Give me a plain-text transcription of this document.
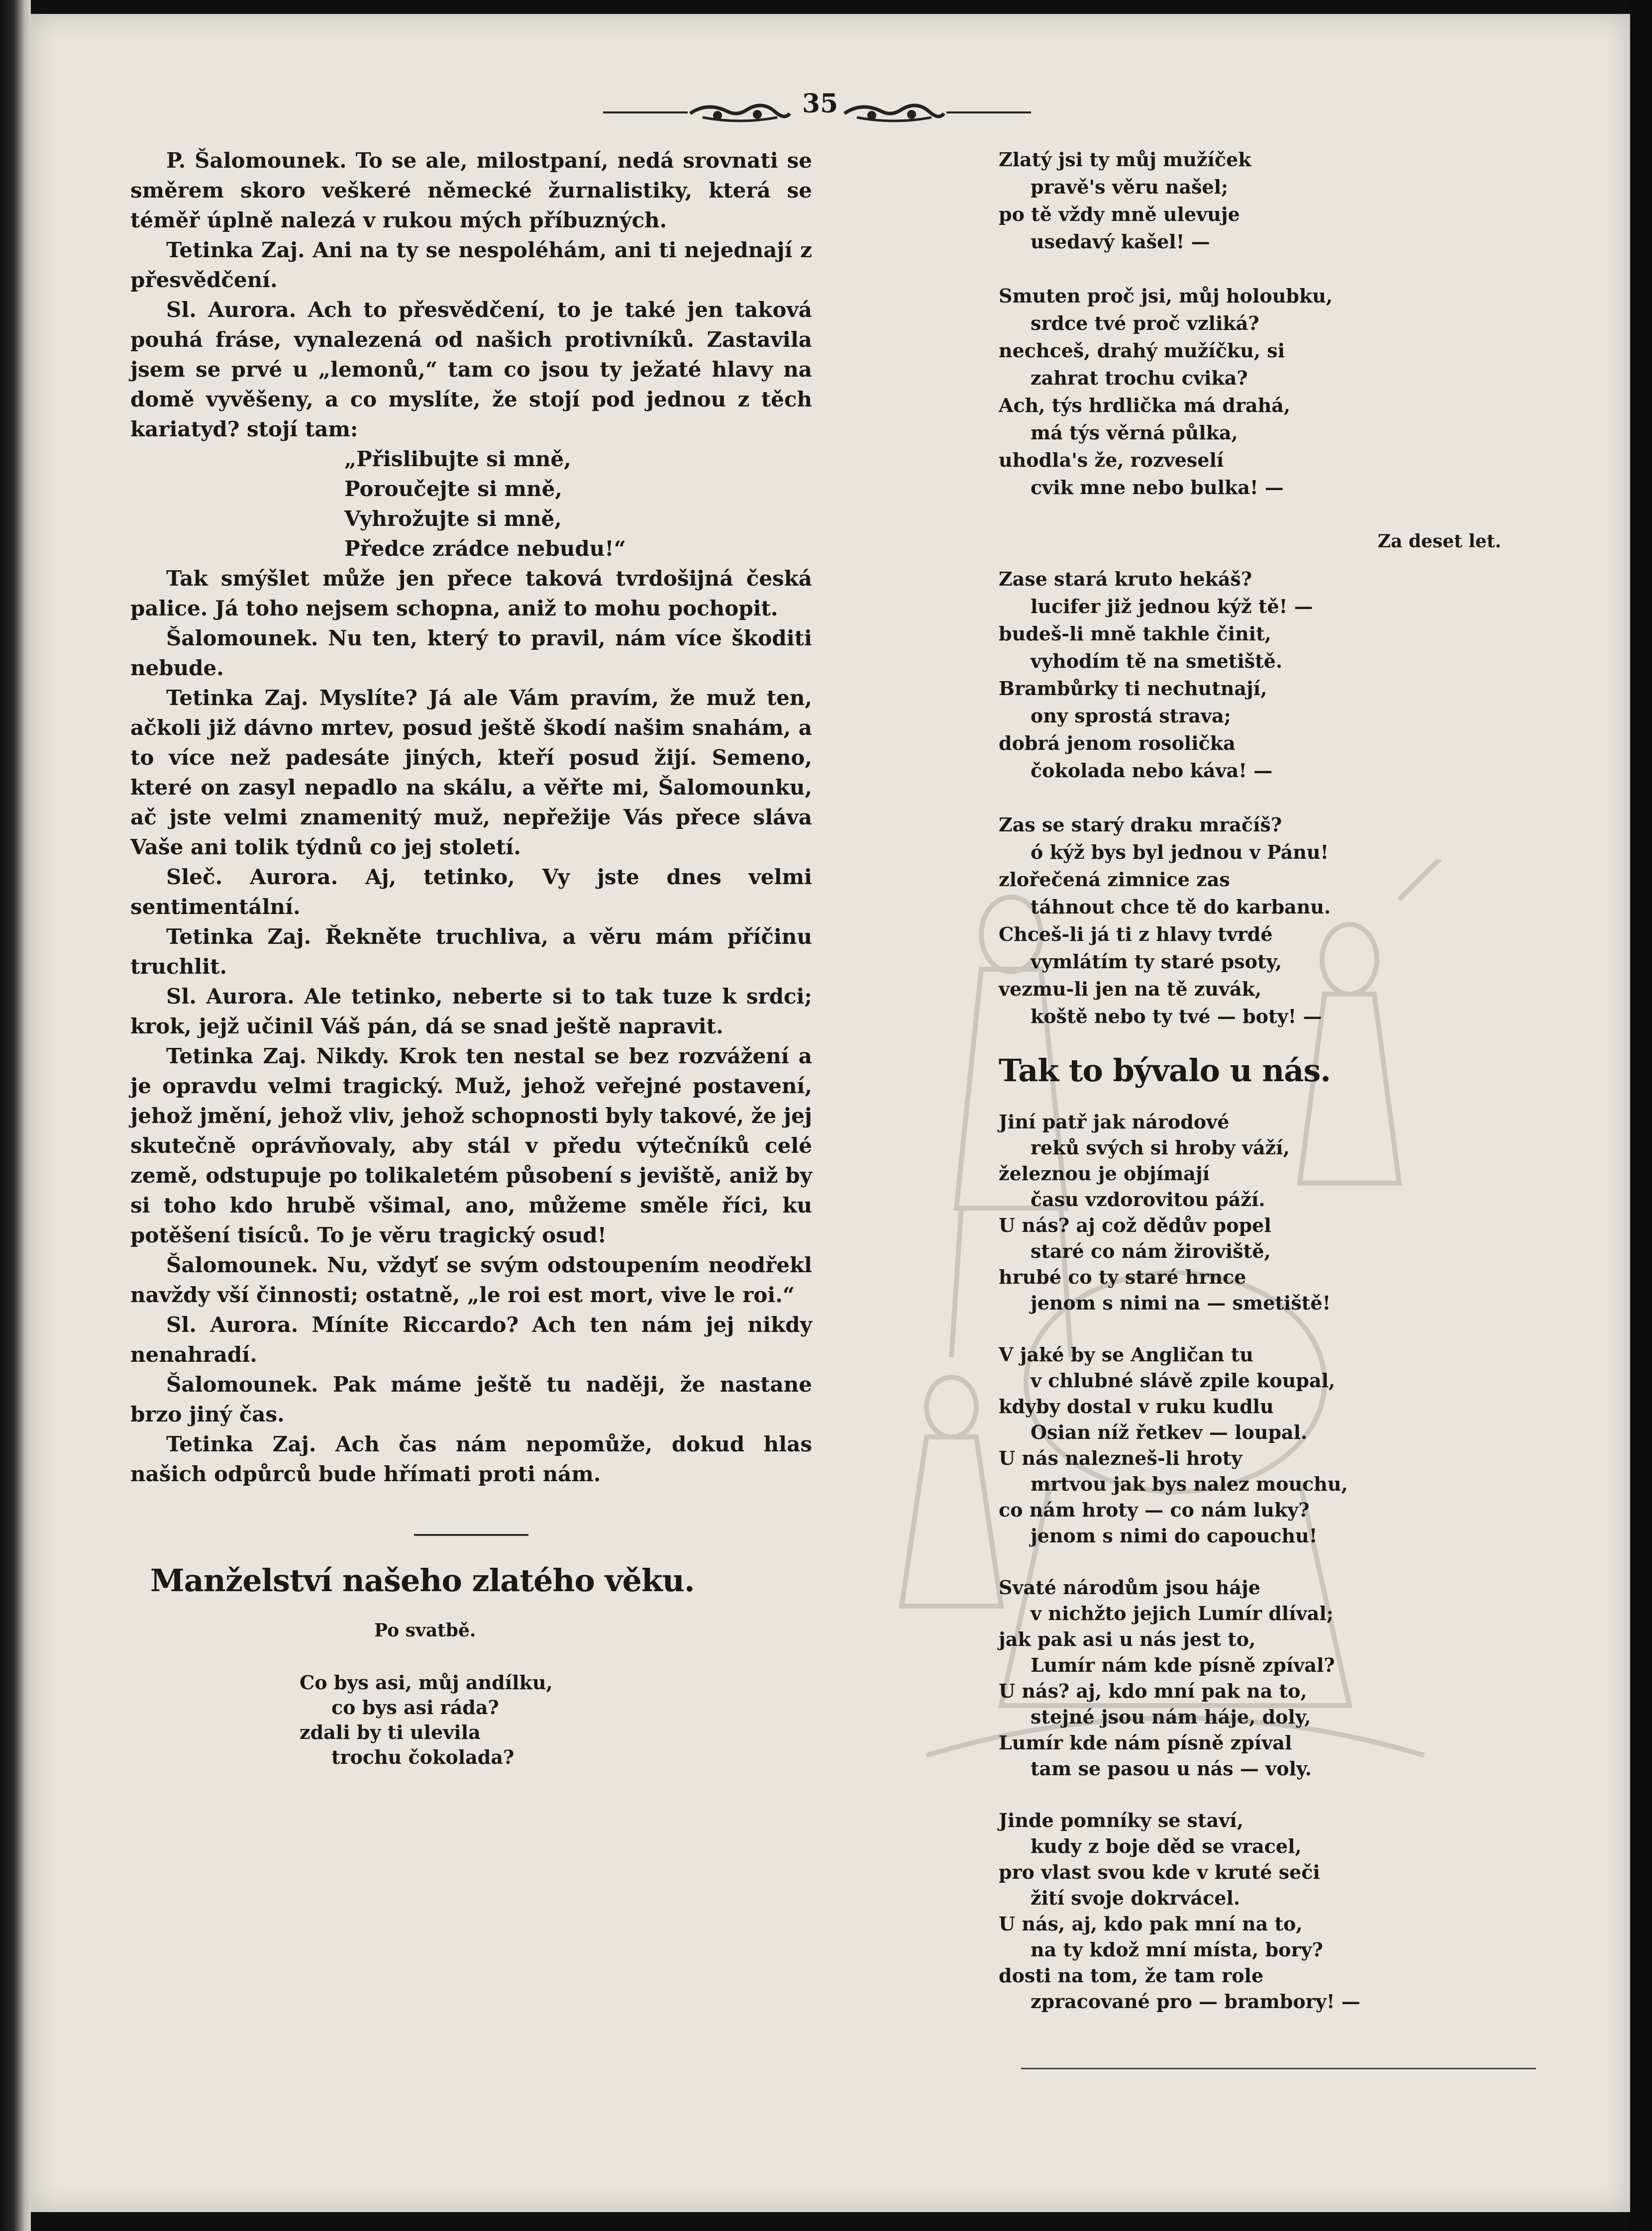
35

P. Šalomounek. To se ale, milostpaní, nedá srovnati se směrem skoro veškeré německé žurnalistiky, která se téměř úplně nalezá v rukou mých příbuzných.

Tetinka Zaj. Ani na ty se nespoléhám, ani ti nejednají z přesvědčení.

Sl. Aurora. Ach to přesvědčení, to je také jen taková pouhá fráse, vynalezená od našich protivníků. Zastavila jsem se prvé u „lemonů,“ tam co jsou ty ježaté hlavy na domě vyvěšeny, a co myslíte, že stojí pod jednou z těch kariatyd? stojí tam:

„Přislibujte si mně,
Poroučejte si mně,
Vyhrožujte si mně,
Předce zrádce nebudu!“

Tak smýšlet může jen přece taková tvrdošijná česká palice. Já toho nejsem schopna, aniž to mohu pochopit.

Šalomounek. Nu ten, který to pravil, nám více škoditi nebude.

Tetinka Zaj. Myslíte? Já ale Vám pravím, že muž ten, ačkoli již dávno mrtev, posud ještě škodí našim snahám, a to více než padesáte jiných, kteří posud žijí. Semeno, které on zasyl nepadlo na skálu, a věřte mi, Šalomounku, ač jste velmi znamenitý muž, nepřežije Vás přece sláva Vaše ani tolik týdnů co jej století.

Sleč. Aurora. Aj, tetinko, Vy jste dnes velmi sentimentální.

Tetinka Zaj. Řekněte truchliva, a věru mám příčinu truchlit.

Sl. Aurora. Ale tetinko, neberte si to tak tuze k srdci; krok, jejž učinil Váš pán, dá se snad ještě napravit.

Tetinka Zaj. Nikdy. Krok ten nestal se bez rozvážení a je opravdu velmi tragický. Muž, jehož veřejné postavení, jehož jmění, jehož vliv, jehož schopnosti byly takové, že jej skutečně oprávňovaly, aby stál v předu výtečníků celé země, odstupuje po tolikaletém působení s jeviště, aniž by si toho kdo hrubě všimal, ano, můžeme směle říci, ku potěšení tisíců. To je věru tragický osud!

Šalomounek. Nu, vždyť se svým odstoupením neodřekl navždy vší činnosti; ostatně, „le roi est mort, vive le roi.“

Sl. Aurora. Míníte Riccardo? Ach ten nám jej nikdy nenahradí.

Šalomounek. Pak máme ještě tu naději, že nastane brzo jiný čas.

Tetinka Zaj. Ach čas nám nepomůže, dokud hlas našich odpůrců bude hřímati proti nám.

Manželství našeho zlatého věku.
Po svatbě.
Co bys asi, můj andílku,
co bys asi ráda?
zdali by ti ulevila
trochu čokolada?
Zlatý jsi ty můj mužíček
pravě's věru našel;
po tě vždy mně ulevuje
usedavý kašel! —
Smuten proč jsi, můj holoubku,
srdce tvé proč vzliká?
nechceš, drahý mužíčku, si
zahrat trochu cvika?
Ach, týs hrdlička má drahá,
má týs věrná půlka,
uhodla's že, rozveselí
cvik mne nebo bulka! —
Za deset let.
Zase stará kruto hekáš?
lucifer již jednou kýž tě! —
budeš-li mně takhle činit,
vyhodím tě na smetiště.
Brambůrky ti nechutnají,
ony sprostá strava;
dobrá jenom rosolička
čokolada nebo káva! —
Zas se starý draku mračíš?
ó kýž bys byl jednou v Pánu!
zlořečená zimnice zas
táhnout chce tě do karbanu.
Chceš-li já ti z hlavy tvrdé
vymlátím ty staré psoty,
vezmu-li jen na tě zuvák,
koště nebo ty tvé — boty! —
Tak to bývalo u nás.
Jiní patř jak národové
reků svých si hroby váží,
železnou je objímají
času vzdorovitou páží.
U nás? aj což dědův popel
staré co nám žiroviště,
hrubé co ty staré hrnce
jenom s nimi na — smetiště!
V jaké by se Angličan tu
v chlubné slávě zpile koupal,
kdyby dostal v ruku kudlu
Osian níž řetkev — loupal.
U nás nalezneš-li hroty
mrtvou jak bys nalez mouchu,
co nám hroty — co nám luky?
jenom s nimi do capouchu!
Svaté národům jsou háje
v nichžto jejich Lumír dlíval;
jak pak asi u nás jest to,
Lumír nám kde písně zpíval?
U nás? aj, kdo mní pak na to,
stejné jsou nám háje, doly,
Lumír kde nám písně zpíval
tam se pasou u nás — voly.
Jinde pomníky se staví,
kudy z boje děd se vracel,
pro vlast svou kde v kruté seči
žití svoje dokrvácel.
U nás, aj, kdo pak mní na to,
na ty kdož mní místa, bory?
dosti na tom, že tam role
zpracované pro — brambory! —
